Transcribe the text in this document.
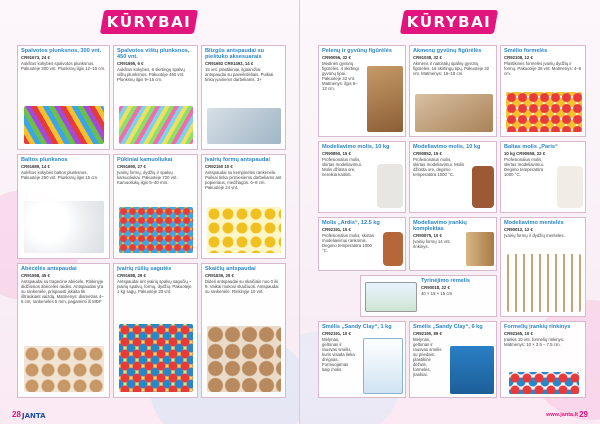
KŪRYBAI
Spalvotos plunksnos, 300 vnt.
CR91673, 24 €
Aukštos kokybės spalvotos plunksnos. Pakuotėje 300 vnt. Plunksnų ilgis 12–15 cm.
Spalvotos vištų plunksnos, 450 vnt.
CR91695, 6 €
Aukštos kokybės, 6 skirtingų spalvų vištų plunksnos. Pakuotėje 450 vnt. Plunksnų ilgis 9–15 cm.
Blizgūs antspaudai su pieštuko aksesuarais
CR91692 CR91493, 14 €
15 vnt. plastikiniai, ilgaamžiai antspaudai su paveikslėliais. Puikiai tinka įvairiems darbeliams. 3+
Baltos plunksnos
CR91689, 14 €
Aukštos kokybės baltos plunksnos. Pakuotėje 250 vnt. Plunksnų ilgis 15 cm.
Pūkiniai kamuoliukai
CR91690, 27 €
Įvairių formų, dydžių ir spalvų kamuoliukai. Pakuotėje 720 vnt. Kamuoliukų ilgis 5–40 mm.
Įvairių formų antspaudai
CR92150 10 €
Antspaudai su kempinėlės rankenėle. Puikiai tinka pirmiesiems darbeliams ant popieriaus, medžiagos. 6–8 cm. Pakuotėje 24 vnt.
Abėcėlės antspaudai
CR91558, 45 €
Antspaudai su trapecine abėcėle. Rinkinyje didžiosios abėcėlės raidės. Antspaudas yra su rankenėle, prispausti įskaita tik ištraukiant vaizdą. Matmenys: diametras 4–6 cm, rankenėlės 5 mm, pagaminti iš MDF
Įvairių rūšių sagutės
CR91688, 29 €
Antspaudai ant įvairių spalvų sagučių – įvairių spalvų, formų, dydžių. Pakuotėje 1 kg sagų. Pakuotėje 20 vnt.
Skaičių antspaudai
CR91836, 25 €
Dideli antspaudai su skaičiais nuo 0 iki 9. Vaikai mokosi skaičiuoti. Antspaudai su rankenėle. Rinkinyje 10 vnt.
28 JANTA
KŪRYBAI
Pelenų ir gyvūnų figūrėlės
CR90056, 32 €
Medinės gyvūnų figūrėlės. 4 skirtingi gyvūnų tipai. Pakuotėje 32 vnt. Matmenys: ilgis 5–13 cm.
Akmenų gyvūnų figūrėlės
CR91038, 32 €
Akmens ir natūralių spalvų gyvūnų figūrėlės. 16 skirtingų tipų. Pakuotėje 32 vnt. Matmenys: 15–18 cm.
Smėlio formelės
CR92108, 12 €
Plastikinės formelės įvairių dydžių ir formų. Pakuotėje 36 vnt. Matmenys: 4–6 cm.
Modeliavimo molis, 10 kg
CR90850, 15 €
Profesionalus molis, skirtas modeliavimui. Molis džiūsta ore, nereikia kaitinti.
Modeliavimo molis, 10 kg
CR90852, 15 €
Profesionalus molis, skirtas modeliavimui. Molis džiūsta ore, degimo temperatūra 1000 °C.
Baltas molis „Paris“
10 kg CR90658, 22 €
Profesionalus molis, skirtas modeliavimui. Degimo temperatūra 1000 °C.
Molis „Ardis“, 12.5 kg
CR92191, 15 €
Profesionalus molis, skirtas modeliavimui rankomis. Degimo temperatūra 1000 °C.
Modeliavimo įrankių komplektas
CR90975, 10 €
Įvairių formų 14 vnt. rinkinys.
Modeliavimo mentelės
CR90012, 12 €
Įvairių formų ir dydžių mentelės.
Tyrinėjimo rėmelis
CR90018, 22 €
40 × 18 × 15 cm
Smėlis „Sandy Clay“, 1 kg
CR92191, 10 €
Mėlynas, geltonas ir rausvas smėlis, kuris visada lieka drėgnas. Formuojamas kaip molis.
Smėlis „Sandy Clay“, 6 kg
CR92190, 89 €
Mėlynas, geltonas ir rausvas smėlis su priedais: plastikinė dėžutė, formelės, įrankiai.
Formelių įrankių rinkinys
CR92165, 10 €
Įrankis 10 vnt. formelių rinkinys. Matmenys: 10 × 3.5 – 7.5 cm.
www.janta.lt 29
